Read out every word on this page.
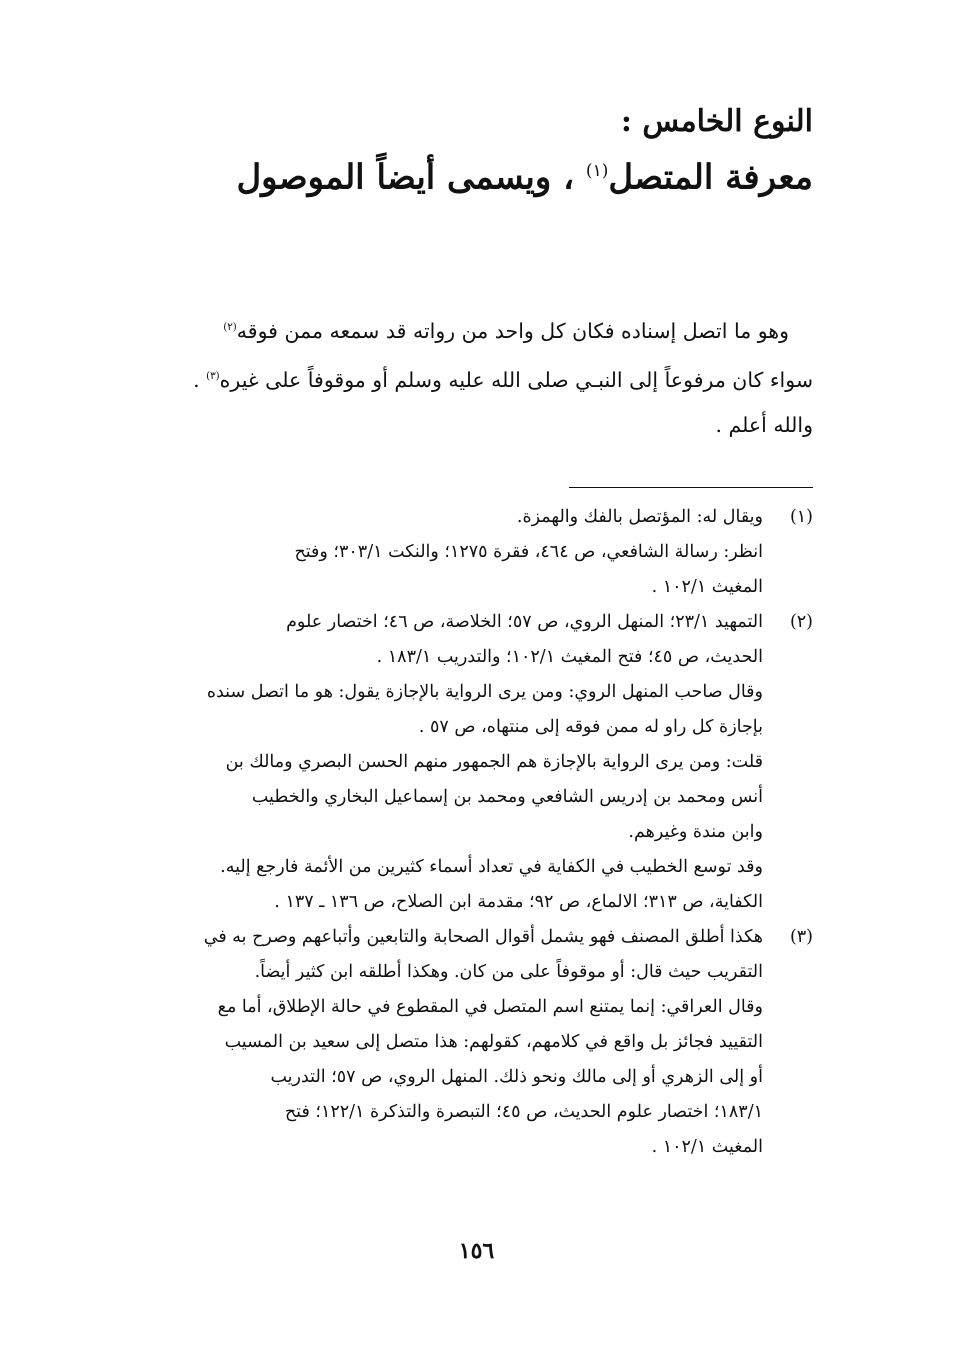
النوع الخامس :
معرفة المتصل$^{(١)}$ ، ويسمى أيضاً الموصول

وهو ما اتصل إسناده فكان كل واحد من رواته قد سمعه ممن فوقه$^{(٢)}$

سواء كان مرفوعاً إلى النبـي صلى الله عليه وسلم أو موقوفاً على غيره$^{(٣)}$ .

والله أعلم .

(١)
ويقال له: المؤتصل بالفك والهمزة.
انظر: رسالة الشافعي، ص ٤٦٤، فقرة ١٢٧٥؛ والنكت ٣٠٣/١؛ وفتح
المغيث ١٠٢/١ .
(٢)
التمهيد ٢٣/١؛ المنهل الروي، ص ٥٧؛ الخلاصة، ص ٤٦؛ اختصار علوم
الحديث، ص ٤٥؛ فتح المغيث ١٠٢/١؛ والتدريب ١٨٣/١ .
وقال صاحب المنهل الروي: ومن يرى الرواية بالإجازة يقول: هو ما اتصل سنده
بإجازة كل راو له ممن فوقه إلى منتهاه، ص ٥٧ .
قلت: ومن يرى الرواية بالإجازة هم الجمهور منهم الحسن البصري ومالك بن
أنس ومحمد بن إدريس الشافعي ومحمد بن إسماعيل البخاري والخطيب
وابن مندة وغيرهم.
وقد توسع الخطيب في الكفاية في تعداد أسماء كثيرين من الأئمة فارجع إليه.
الكفاية، ص ٣١٣؛ الالماع، ص ٩٢؛ مقدمة ابن الصلاح، ص ١٣٦ ـ ١٣٧ .
(٣)
هكذا أطلق المصنف فهو يشمل أقوال الصحابة والتابعين وأتباعهم وصرح به في
التقريب حيث قال: أو موقوفاً على من كان. وهكذا أطلقه ابن كثير أيضاً.
وقال العراقي: إنما يمتنع اسم المتصل في المقطوع في حالة الإطلاق، أما مع
التقييد فجائز بل واقع في كلامهم، كقولهم: هذا متصل إلى سعيد بن المسيب
أو إلى الزهري أو إلى مالك ونحو ذلك. المنهل الروي، ص ٥٧؛ التدريب
١٨٣/١؛ اختصار علوم الحديث، ص ٤٥؛ التبصرة والتذكرة ١٢٢/١؛ فتح
المغيث ١٠٢/١ .
١٥٦
